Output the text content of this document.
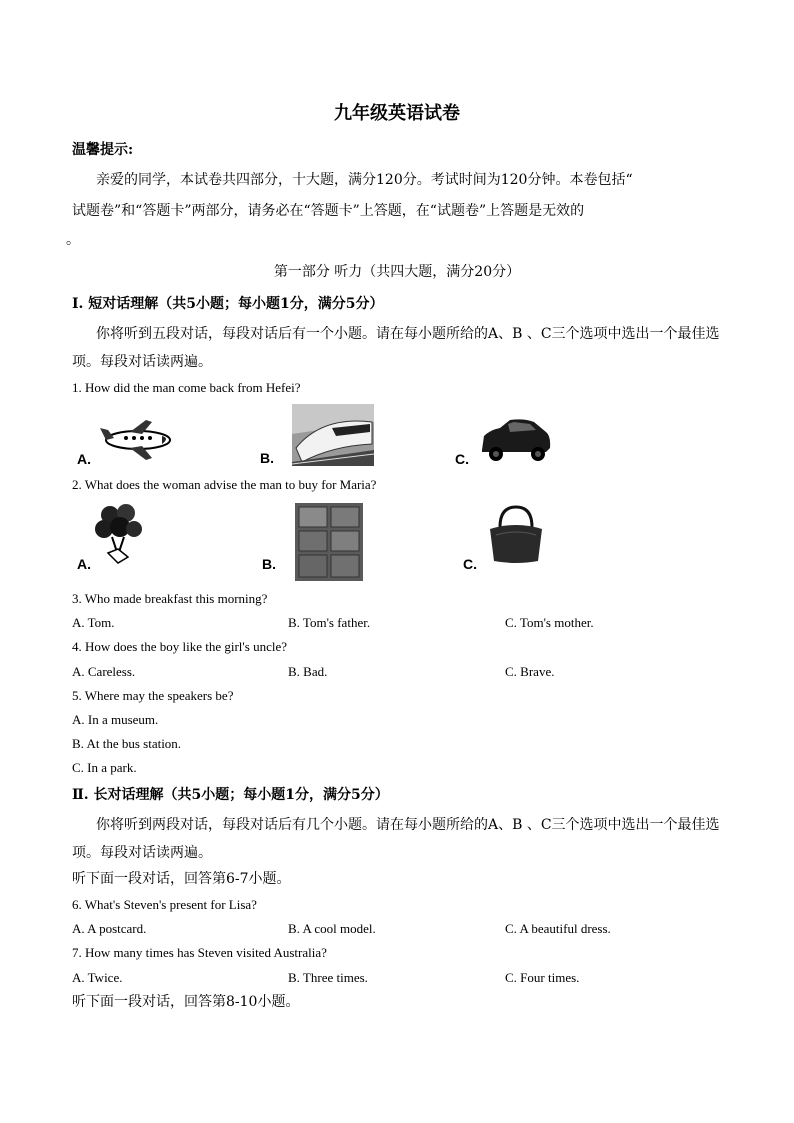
九年级英语试卷
温馨提示:
亲爱的同学，本试卷共四部分，十大题，满分120分。考试时间为120分钟。本卷包括“
试题卷”和“答题卡”两部分，请务必在“答题卡”上答题，在“试题卷”上答题是无效的
。
第一部分 听力（共四大题，满分20分）
Ⅰ. 短对话理解（共5小题；每小题1分，满分5分）
你将听到五段对话，每段对话后有一个小题。请在每小题所给的A、B 、C三个选项中选出一个最佳选
项。每段对话读两遍。
1. How did the man come back from Hefei?
A.	B.	C.
2. What does the woman advise the man to buy for Maria?
A.	B.	C.
3. Who made breakfast this morning?
A. Tom.	B. Tom's father.	C. Tom's mother.
4. How does the boy like the girl's uncle?
A. Careless.	B. Bad.	C. Brave.
5. Where may the speakers be?
A. In a museum.
B. At the bus station.
C. In a park.
Ⅱ. 长对话理解（共5小题；每小题1分，满分5分）
你将听到两段对话，每段对话后有几个小题。请在每小题所给的A、B 、C三个选项中选出一个最佳选
项。每段对话读两遍。
听下面一段对话，回答第6-7小题。
6. What's Steven's present for Lisa?
A. A postcard.	B. A cool model.	C. A beautiful dress.
7. How many times has Steven visited Australia?
A. Twice.	B. Three times.	C. Four times.
听下面一段对话，回答第8-10小题。
